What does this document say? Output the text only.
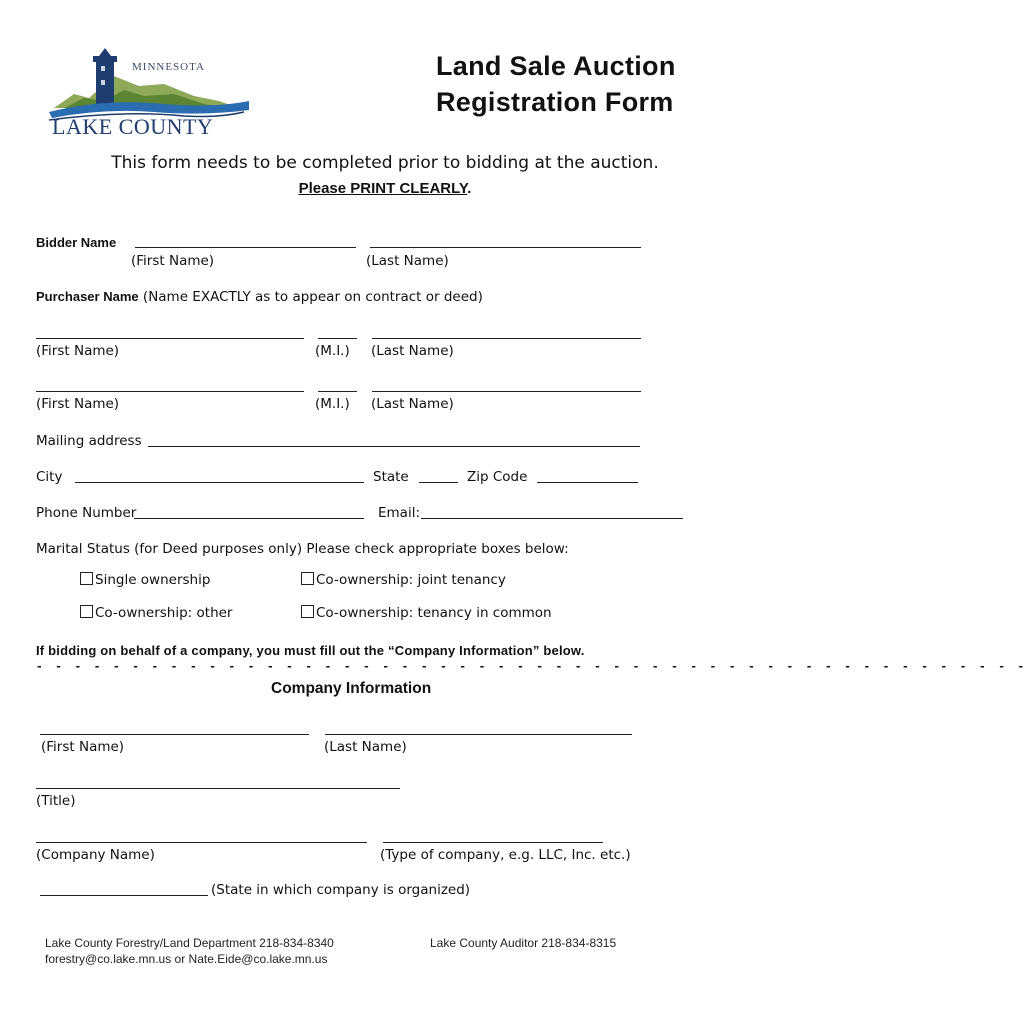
MINNESOTA
LAKE COUNTY
Land Sale Auction
Registration Form
This form needs to be completed prior to bidding at the auction.
Please PRINT CLEARLY.
Bidder Name
(First Name)	(Last Name)
Purchaser Name (Name EXACTLY as to appear on contract or deed)
(First Name)	(M.I.) (Last Name)
(First Name)	(M.I.) (Last Name)
Mailing address
City	State	Zip Code
Phone Number	Email:
Marital Status (for Deed purposes only) Please check appropriate boxes below:
Single ownership	Co-ownership: joint tenancy
Co-ownership: other	Co-ownership: tenancy in common
If bidding on behalf of a company, you must fill out the “Company Information” below.
- - - - - - - - - - - - - - - - - - - - - - - - - - - - - - - - - - - - - - - - - - - - - - - - - - - -
Company Information
(First Name)	(Last Name)
(Title)
(Company Name)	(Type of company, e.g. LLC, Inc. etc.)
(State in which company is organized)
Lake County Forestry/Land Department 218-834-8340
forestry@co.lake.mn.us or Nate.Eide@co.lake.mn.us
Lake County Auditor 218-834-8315
